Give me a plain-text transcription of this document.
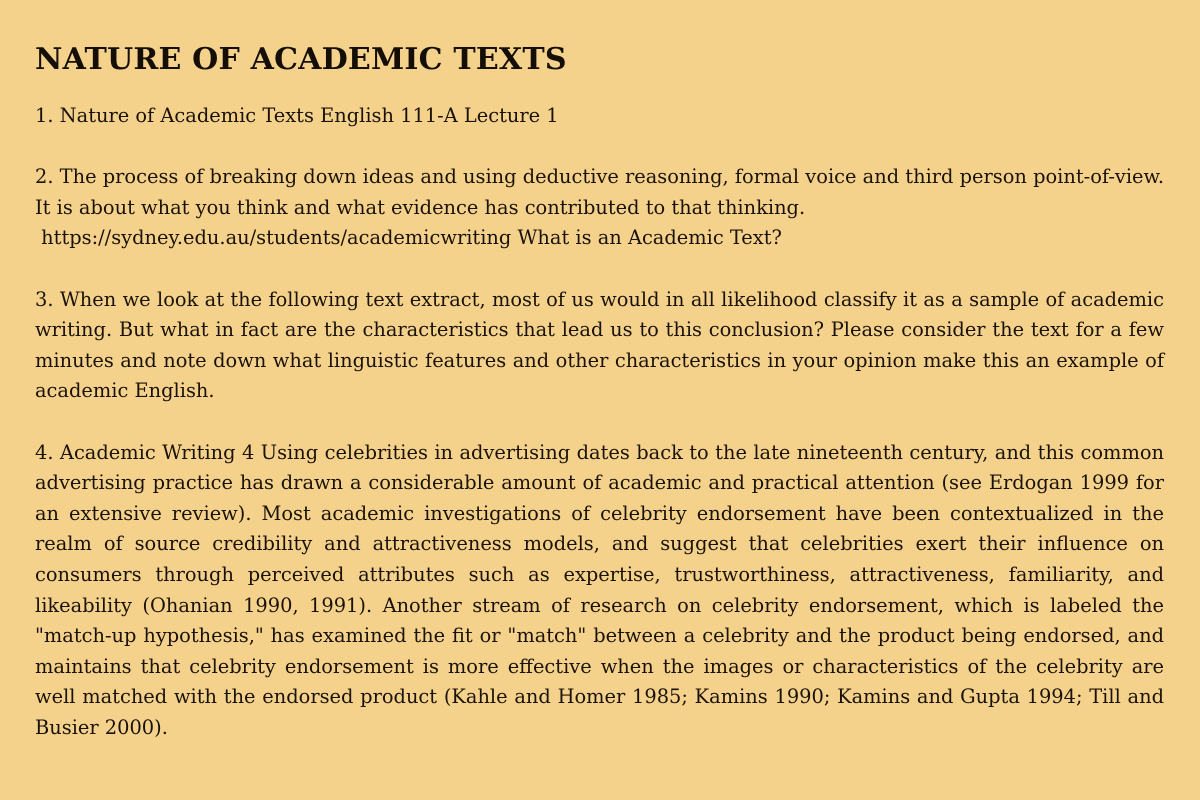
NATURE OF ACADEMIC TEXTS

1. Nature of Academic Texts English 111-A Lecture 1

2. The process of breaking down ideas and using deductive reasoning, formal voice and third person point-of-view. It is about what you think and what evidence has contributed to that thinking.
https://sydney.edu.au/students/academicwriting What is an Academic Text?

3. When we look at the following text extract, most of us would in all likelihood classify it as a sample of academic writing. But what in fact are the characteristics that lead us to this conclusion? Please consider the text for a few minutes and note down what linguistic features and other characteristics in your opinion make this an example of academic English.

4. Academic Writing 4 Using celebrities in advertising dates back to the late nineteenth century, and this common advertising practice has drawn a considerable amount of academic and practical attention (see Erdogan 1999 for an extensive review). Most academic investigations of celebrity endorsement have been contextualized in the realm of source credibility and attractiveness models, and suggest that celebrities exert their influence on consumers through perceived attributes such as expertise, trustworthiness, attractiveness, familiarity, and likeability (Ohanian 1990, 1991). Another stream of research on celebrity endorsement, which is labeled the "match-up hypothesis," has examined the fit or "match" between a celebrity and the product being endorsed, and maintains that celebrity endorsement is more effective when the images or characteristics of the celebrity are well matched with the endorsed product (Kahle and Homer 1985; Kamins 1990; Kamins and Gupta 1994; Till and Busier 2000).
